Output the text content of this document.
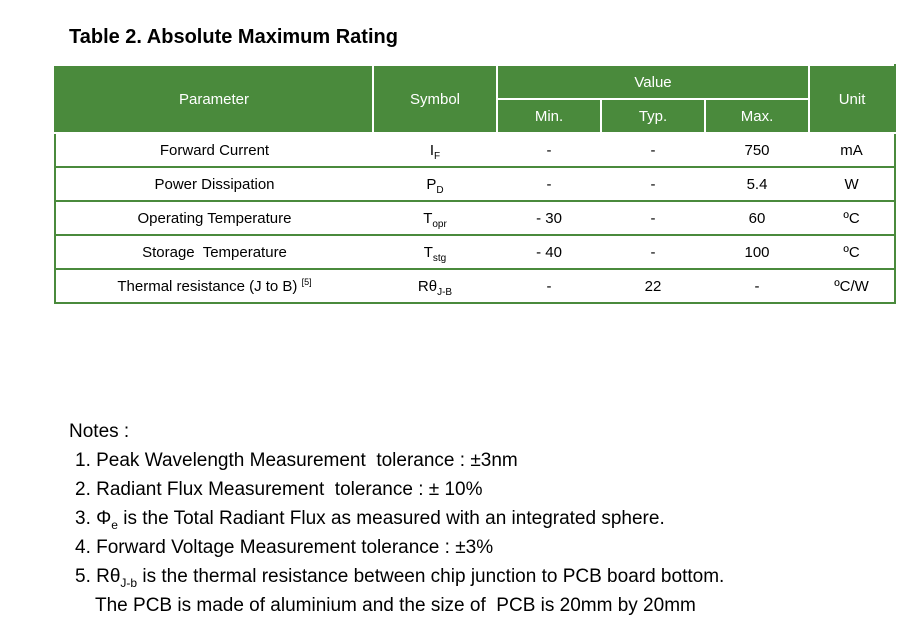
Table 2. Absolute Maximum Rating
Parameter	Symbol	Value			Unit
		Min.	Typ.	Max.	
Forward Current	$I_F$	-	-	750	mA
Power Dissipation	$P_D$	-	-	5.4	W
Operating Temperature	$T_{opr}$	- 30	-	60	ºC
Storage  Temperature	$T_{stg}$	- 40	-	100	ºC
Thermal resistance (J to B) [5]	$R\theta_{J-B}$	-	22	-	ºC/W
Notes :
1. Peak Wavelength Measurement  tolerance : ±3nm
2. Radiant Flux Measurement  tolerance : ± 10%
3. $\Phi_e$ is the Total Radiant Flux as measured with an integrated sphere.
4. Forward Voltage Measurement tolerance : ±3%
5. $R\theta_{J-b}$ is the thermal resistance between chip junction to PCB board bottom.
The PCB is made of aluminium and the size of  PCB is 20mm by 20mm
